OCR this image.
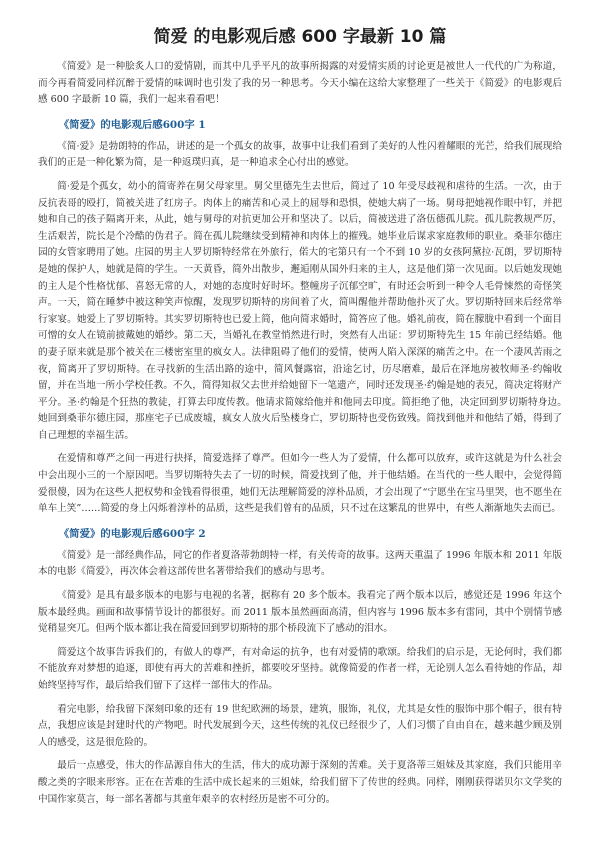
简爱 的电影观后感 600 字最新 10 篇

《简爱》是一种脍炙人口的爱情剧，而其中几乎平凡的故事所揭露的对爱情实质的讨论更是被世人一代代的广为称道，而今再看简爱同样沉醉于爱情的味调时也引发了我的另一种思考。今天小编在这给大家整理了一些关于《简爱》的电影观后感 600 字最新 10 篇，我们一起来看看吧！

《简爱》的电影观后感600字 1

《简·爱》是勃朗特的作品，讲述的是一个孤女的故事，故事中让我们看到了美好的人性闪着耀眼的光芒，给我们展现给我们的正是一种化繁为简，是一种返璞归真，是一种追求全心付出的感觉。

简·爱是个孤女，幼小的简寄养在舅父母家里。舅父里德先生去世后，简过了 10 年受尽歧视和虐待的生活。一次，由于反抗表哥的殴打，简被关进了红房子。肉体上的痛苦和心灵上的屈辱和恐惧，使她大病了一场。舅母把她视作眼中钉，并把她和自己的孩子隔离开来，从此，她与舅母的对抗更加公开和坚决了。以后，简被送进了洛伍德孤儿院。孤儿院教规严厉，生活艰苦，院长是个冷酷的伪君子。简在孤儿院继续受到精神和肉体上的摧残。她毕业后谋求家庭教师的职业。桑菲尔德庄园的女管家聘用了她。庄园的男主人罗切斯特经常在外旅行，偌大的宅第只有一个不到 10 岁的女孩阿黛拉·瓦朗，罗切斯特是她的保护人，她就是简的学生。一天黄昏，简外出散步，邂逅刚从国外归来的主人，这是他们第一次见面。以后她发现她的主人是个性格忧郁、喜怒无常的人，对她的态度时好时坏。整幢房子沉郁空旷，有时还会听到一种令人毛骨悚然的奇怪笑声。一天，简在睡梦中被这种笑声惊醒，发现罗切斯特的房间着了火，简叫醒他并帮助他扑灭了火。罗切斯特回来后经常举行家宴。她爱上了罗切斯特。其实罗切斯特也已爱上简，他向简求婚时，简答应了他。婚礼前夜，简在朦胧中看到一个面目可憎的女人在镜前披戴她的婚纱。第二天，当婚礼在教堂悄然进行时，突然有人出证：罗切斯特先生 15 年前已经结婚。他的妻子原来就是那个被关在三楼密室里的疯女人。法律阻碍了他们的爱情，使两人陷入深深的痛苦之中。在一个凄风苦雨之夜，简离开了罗切斯特。在寻找新的生活出路的途中，简风餐露宿，沿途乞讨，历尽磨难，最后在泽地房被牧师圣·约翰收留，并在当地一所小学校任教。不久，简得知叔父去世并给她留下一笔遗产，同时还发现圣·约翰是她的表兄，简决定将财产平分。圣·约翰是个狂热的教徒，打算去印度传教。他请求简嫁给他并和他同去印度。简拒绝了他，决定回到罗切斯特身边。　　她回到桑菲尔德庄园，那座宅子已成废墟，疯女人放火后坠楼身亡，罗切斯特也受伤致残。简找到他并和他结了婚，得到了自己理想的幸福生活。

在爱情和尊严之间一再进行抉择，简爱选择了尊严。但如今一些人为了爱情，什么都可以放弃，或许这就是为什么社会中会出现小三的一个原因吧。当罗切斯特失去了一切的时候，简爱找到了他，并于他结婚。在当代的一些人眼中，会觉得简爱很傻，因为在这些人把权势和金钱看得很重，她们无法理解简爱的淳朴品质，才会出现了“宁愿坐在宝马里哭，也不愿坐在单车上笑”……简爱的身上闪烁着淳朴的品质，这些是我们曾有的品质，只不过在这繁乱的世界中，有些人渐渐地失去而已。

《简爱》的电影观后感600字 2

《简爱》是一部经典作品，同它的作者夏洛蒂勃朗特一样，有关传奇的故事。这两天重温了 1996 年版本和 2011 年版本的电影《简爱》，再次体会着这部传世名著带给我们的感动与思考。

《简爱》是具有最多版本的电影与电视的名著，据称有 20 多个版本。我看完了两个版本以后，感觉还是 1996 年这个版本最经典。画面和故事情节设计的都很好。而 2011 版本虽然画面高清，但内容与 1996 版本多有雷同，其中个别情节感觉稍显突兀。但两个版本都让我在简爱回到罗切斯特的那个桥段流下了感动的泪水。

简爱这个故事告诉我们的，有做人的尊严，有对命运的抗争，也有对爱情的歌颂。给我们的启示是，无论何时，我们都不能放弃对梦想的追逐，即使有再大的苦难和挫折，都要咬牙坚持。就像简爱的作者一样，无论别人怎么看待她的作品，却始终坚持写作，最后给我们留下了这样一部伟大的作品。

看完电影，给我留下深刻印象的还有 19 世纪欧洲的场景，建筑，服饰，礼仪，尤其是女性的服饰中那个帽子，很有特点，我想应该是封建时代的产物吧。时代发展到今天，这些传统的礼仪已经很少了，人们习惯了自由自在，越来越少顾及别人的感受，这是很危险的。

最后一点感受，伟大的作品源自伟大的生活，伟大的成功源于深刻的苦难。关于夏洛蒂三姐妹及其家庭，我们只能用辛酸之类的字眼来形容。正在在苦难的生活中成长起来的三姐妹，给我们留下了传世的经典。同样，刚刚获得诺贝尔文学奖的中国作家莫言，每一部名著都与其童年艰辛的农村经历是密不可分的。
